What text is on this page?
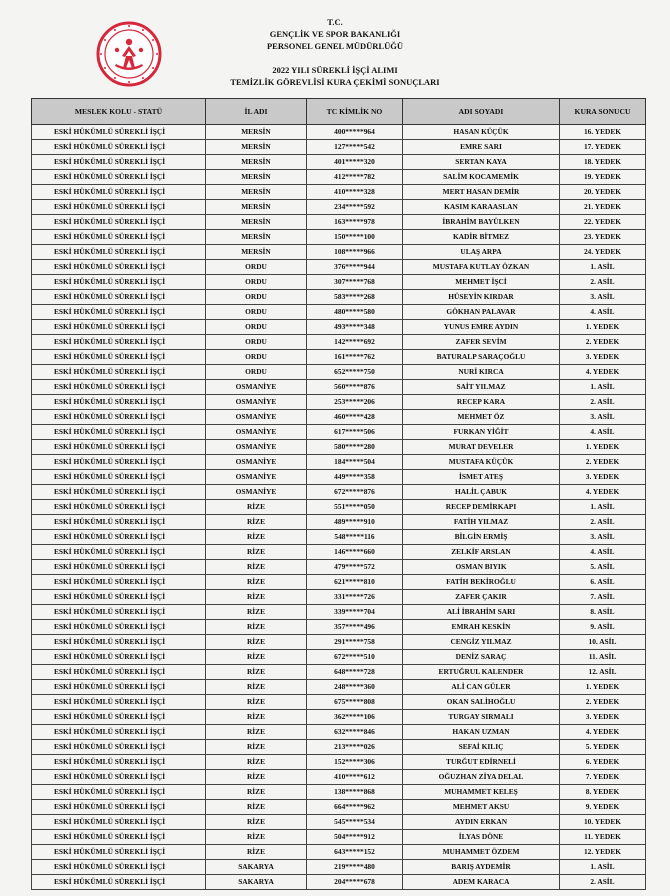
T.C.
GENÇLİK VE SPOR BAKANLIĞI
PERSONEL GENEL MÜDÜRLÜĞÜ
2022 YILI SÜREKLİ İŞÇİ ALIMI
TEMİZLİK GÖREVLİSİ KURA ÇEKİMİ SONUÇLARI
MESLEK KOLU - STATÜ	İL ADI	TC KİMLİK NO	ADI SOYADI	KURA SONUCU
ESKİ HÜKÜMLÜ SÜREKLİ İŞÇİ	MERSİN	400*****964	HASAN KÜÇÜK	16. YEDEK
ESKİ HÜKÜMLÜ SÜREKLİ İŞÇİ	MERSİN	127*****542	EMRE SARI	17. YEDEK
ESKİ HÜKÜMLÜ SÜREKLİ İŞÇİ	MERSİN	401*****320	SERTAN KAYA	18. YEDEK
ESKİ HÜKÜMLÜ SÜREKLİ İŞÇİ	MERSİN	412*****782	SALİM KOCAMEMİK	19. YEDEK
ESKİ HÜKÜMLÜ SÜREKLİ İŞÇİ	MERSİN	410*****328	MERT HASAN DEMİR	20. YEDEK
ESKİ HÜKÜMLÜ SÜREKLİ İŞÇİ	MERSİN	234*****592	KASIM KARAASLAN	21. YEDEK
ESKİ HÜKÜMLÜ SÜREKLİ İŞÇİ	MERSİN	163*****978	İBRAHİM BAYÜLKEN	22. YEDEK
ESKİ HÜKÜMLÜ SÜREKLİ İŞÇİ	MERSİN	150*****100	KADİR BİTMEZ	23. YEDEK
ESKİ HÜKÜMLÜ SÜREKLİ İŞÇİ	MERSİN	108*****966	ULAŞ ARPA	24. YEDEK
ESKİ HÜKÜMLÜ SÜREKLİ İŞÇİ	ORDU	376*****944	MUSTAFA KUTLAY ÖZKAN	1. ASİL
ESKİ HÜKÜMLÜ SÜREKLİ İŞÇİ	ORDU	307*****768	MEHMET İŞCİ	2. ASİL
ESKİ HÜKÜMLÜ SÜREKLİ İŞÇİ	ORDU	583*****268	HÜSEYİN KIRDAR	3. ASİL
ESKİ HÜKÜMLÜ SÜREKLİ İŞÇİ	ORDU	480*****580	GÖKHAN PALAVAR	4. ASİL
ESKİ HÜKÜMLÜ SÜREKLİ İŞÇİ	ORDU	493*****348	YUNUS EMRE AYDIN	1. YEDEK
ESKİ HÜKÜMLÜ SÜREKLİ İŞÇİ	ORDU	142*****692	ZAFER SEVİM	2. YEDEK
ESKİ HÜKÜMLÜ SÜREKLİ İŞÇİ	ORDU	161*****762	BATURALP SARAÇOĞLU	3. YEDEK
ESKİ HÜKÜMLÜ SÜREKLİ İŞÇİ	ORDU	652*****750	NURİ KIRCA	4. YEDEK
ESKİ HÜKÜMLÜ SÜREKLİ İŞÇİ	OSMANİYE	560*****876	SAİT YILMAZ	1. ASİL
ESKİ HÜKÜMLÜ SÜREKLİ İŞÇİ	OSMANİYE	253*****206	RECEP KARA	2. ASİL
ESKİ HÜKÜMLÜ SÜREKLİ İŞÇİ	OSMANİYE	460*****428	MEHMET ÖZ	3. ASİL
ESKİ HÜKÜMLÜ SÜREKLİ İŞÇİ	OSMANİYE	617*****506	FURKAN YİĞİT	4. ASİL
ESKİ HÜKÜMLÜ SÜREKLİ İŞÇİ	OSMANİYE	580*****280	MURAT DEVELER	1. YEDEK
ESKİ HÜKÜMLÜ SÜREKLİ İŞÇİ	OSMANİYE	184*****504	MUSTAFA KÜÇÜK	2. YEDEK
ESKİ HÜKÜMLÜ SÜREKLİ İŞÇİ	OSMANİYE	449*****358	İSMET ATEŞ	3. YEDEK
ESKİ HÜKÜMLÜ SÜREKLİ İŞÇİ	OSMANİYE	672*****876	HALİL ÇABUK	4. YEDEK
ESKİ HÜKÜMLÜ SÜREKLİ İŞÇİ	RİZE	551*****050	RECEP DEMİRKAPI	1. ASİL
ESKİ HÜKÜMLÜ SÜREKLİ İŞÇİ	RİZE	489*****910	FATİH YILMAZ	2. ASİL
ESKİ HÜKÜMLÜ SÜREKLİ İŞÇİ	RİZE	548*****116	BİLGİN ERMİŞ	3. ASİL
ESKİ HÜKÜMLÜ SÜREKLİ İŞÇİ	RİZE	146*****660	ZELKİF ARSLAN	4. ASİL
ESKİ HÜKÜMLÜ SÜREKLİ İŞÇİ	RİZE	479*****572	OSMAN BIYIK	5. ASİL
ESKİ HÜKÜMLÜ SÜREKLİ İŞÇİ	RİZE	621*****810	FATİH BEKİROĞLU	6. ASİL
ESKİ HÜKÜMLÜ SÜREKLİ İŞÇİ	RİZE	331*****726	ZAFER ÇAKIR	7. ASİL
ESKİ HÜKÜMLÜ SÜREKLİ İŞÇİ	RİZE	339*****704	ALİ İBRAHİM SARI	8. ASİL
ESKİ HÜKÜMLÜ SÜREKLİ İŞÇİ	RİZE	357*****496	EMRAH KESKİN	9. ASİL
ESKİ HÜKÜMLÜ SÜREKLİ İŞÇİ	RİZE	291*****758	CENGİZ YILMAZ	10. ASİL
ESKİ HÜKÜMLÜ SÜREKLİ İŞÇİ	RİZE	672*****510	DENİZ SARAÇ	11. ASİL
ESKİ HÜKÜMLÜ SÜREKLİ İŞÇİ	RİZE	648*****728	ERTUĞRUL KALENDER	12. ASİL
ESKİ HÜKÜMLÜ SÜREKLİ İŞÇİ	RİZE	248*****360	ALİ CAN GÜLER	1. YEDEK
ESKİ HÜKÜMLÜ SÜREKLİ İŞÇİ	RİZE	675*****808	OKAN SALİHOĞLU	2. YEDEK
ESKİ HÜKÜMLÜ SÜREKLİ İŞÇİ	RİZE	362*****106	TURGAY SIRMALI	3. YEDEK
ESKİ HÜKÜMLÜ SÜREKLİ İŞÇİ	RİZE	632*****846	HAKAN UZMAN	4. YEDEK
ESKİ HÜKÜMLÜ SÜREKLİ İŞÇİ	RİZE	213*****026	SEFAİ KILIÇ	5. YEDEK
ESKİ HÜKÜMLÜ SÜREKLİ İŞÇİ	RİZE	152*****306	TURĞUT EDİRNELİ	6. YEDEK
ESKİ HÜKÜMLÜ SÜREKLİ İŞÇİ	RİZE	410*****612	OĞUZHAN ZİYA DELAL	7. YEDEK
ESKİ HÜKÜMLÜ SÜREKLİ İŞÇİ	RİZE	138*****868	MUHAMMET KELEŞ	8. YEDEK
ESKİ HÜKÜMLÜ SÜREKLİ İŞÇİ	RİZE	664*****962	MEHMET AKSU	9. YEDEK
ESKİ HÜKÜMLÜ SÜREKLİ İŞÇİ	RİZE	545*****534	AYDIN ERKAN	10. YEDEK
ESKİ HÜKÜMLÜ SÜREKLİ İŞÇİ	RİZE	504*****912	İLYAS DÖNE	11. YEDEK
ESKİ HÜKÜMLÜ SÜREKLİ İŞÇİ	RİZE	643*****152	MUHAMMET ÖZDEM	12. YEDEK
ESKİ HÜKÜMLÜ SÜREKLİ İŞÇİ	SAKARYA	219*****480	BARIŞ AYDEMİR	1. ASİL
ESKİ HÜKÜMLÜ SÜREKLİ İŞÇİ	SAKARYA	204*****678	ADEM KARACA	2. ASİL
